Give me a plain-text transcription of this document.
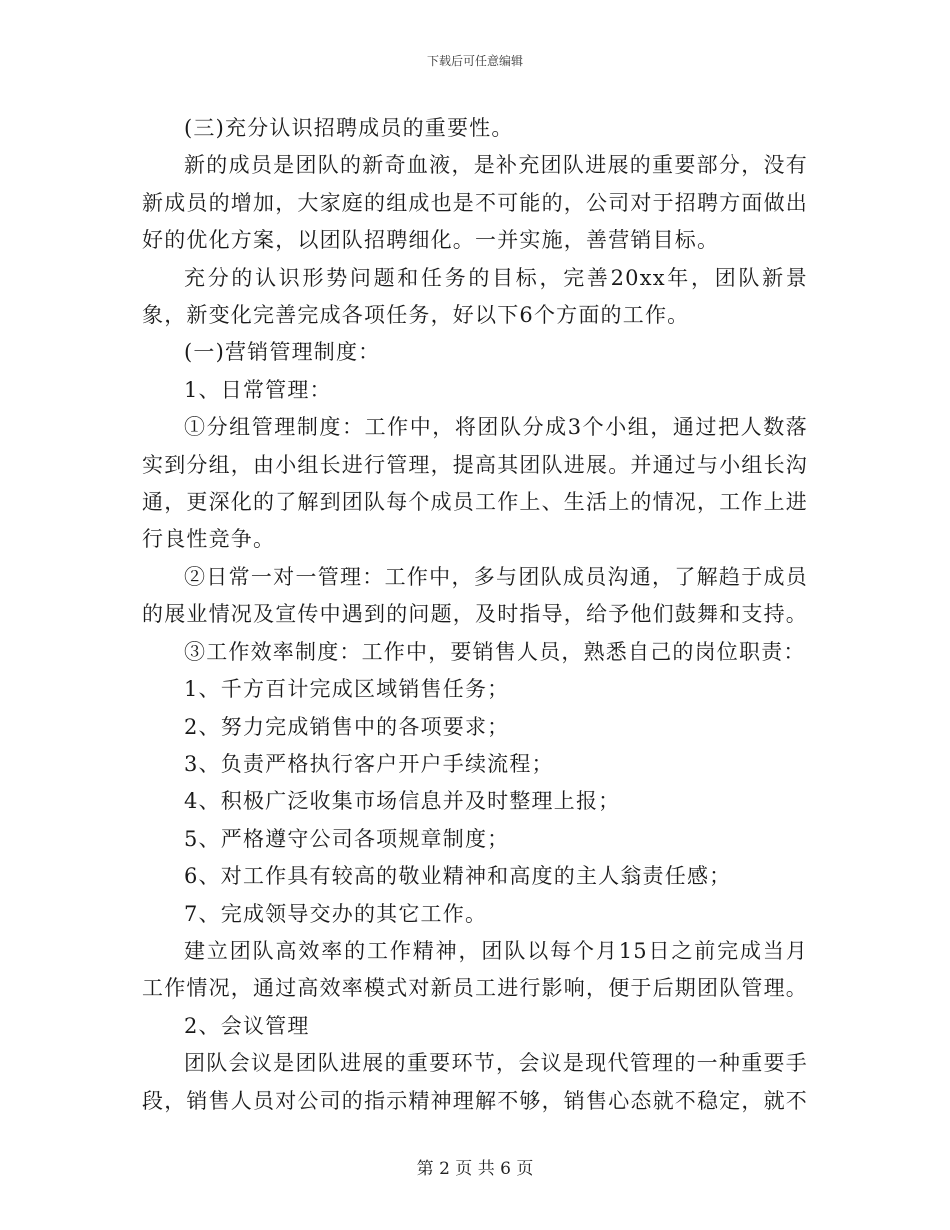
下载后可任意编辑

(三)充分认识招聘成员的重要性。

新的成员是团队的新奇血液，是补充团队进展的重要部分，没有新成员的增加，大家庭的组成也是不可能的，公司对于招聘方面做出好的优化方案，以团队招聘细化。一并实施，善营销目标。

充分的认识形势问题和任务的目标，完善20xx年，团队新景象，新变化完善完成各项任务，好以下6个方面的工作。

(一)营销管理制度：

1、日常管理：

①分组管理制度：工作中，将团队分成3个小组，通过把人数落实到分组，由小组长进行管理，提高其团队进展。并通过与小组长沟通，更深化的了解到团队每个成员工作上、生活上的情况，工作上进行良性竞争。

②日常一对一管理：工作中，多与团队成员沟通，了解趋于成员的展业情况及宣传中遇到的问题，及时指导，给予他们鼓舞和支持。

③工作效率制度：工作中，要销售人员，熟悉自己的岗位职责：

1、千方百计完成区域销售任务；

2、努力完成销售中的各项要求；

3、负责严格执行客户开户手续流程；

4、积极广泛收集市场信息并及时整理上报；

5、严格遵守公司各项规章制度；

6、对工作具有较高的敬业精神和高度的主人翁责任感；

7、完成领导交办的其它工作。

建立团队高效率的工作精神，团队以每个月15日之前完成当月工作情况，通过高效率模式对新员工进行影响，便于后期团队管理。

2、会议管理

团队会议是团队进展的重要环节，会议是现代管理的一种重要手段，销售人员对公司的指示精神理解不够，销售心态就不稳定，就不

第 2 页 共 6 页
